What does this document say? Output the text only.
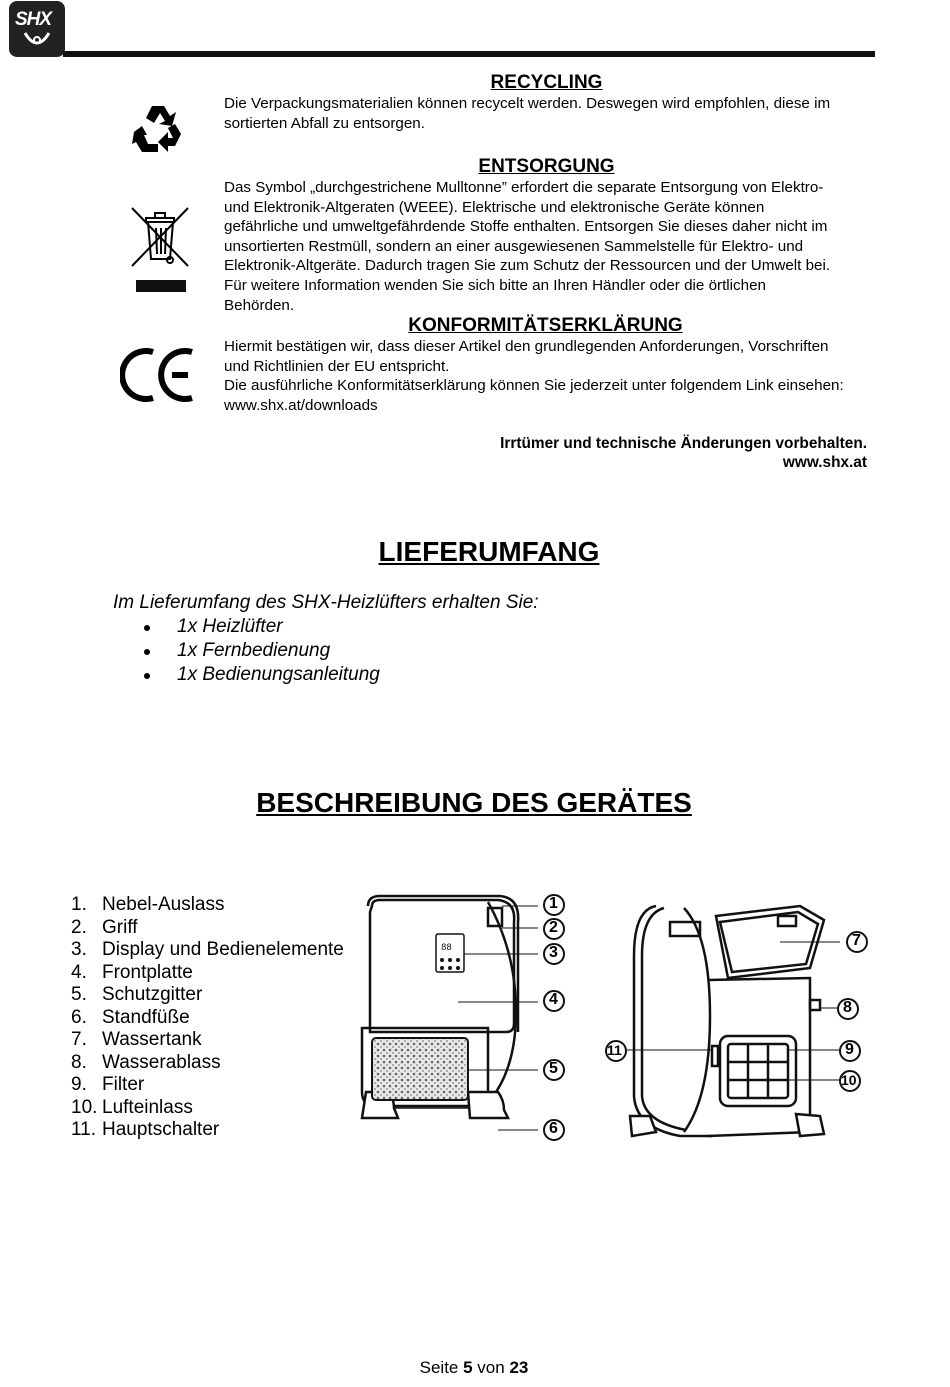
SHX
RECYCLING

Die Verpackungsmaterialien können recycelt werden. Deswegen wird empfohlen, diese im

sortierten Abfall zu entsorgen.

ENTSORGUNG

Das Symbol „durchgestrichene Mulltonne” erfordert die separate Entsorgung von Elektro-

und Elektronik-Altgeraten (WEEE). Elektrische und elektronische Geräte können

gefährliche und umweltgefährdende Stoffe enthalten. Entsorgen Sie dieses daher nicht im

unsortierten Restmüll, sondern an einer ausgewiesenen Sammelstelle für Elektro- und

Elektronik-Altgeräte. Dadurch tragen Sie zum Schutz der Ressourcen und der Umwelt bei.

Für weitere Information wenden Sie sich bitte an Ihren Händler oder die örtlichen

Behörden.

KONFORMITÄTSERKLÄRUNG

Hiermit bestätigen wir, dass dieser Artikel den grundlegenden Anforderungen, Vorschriften

und Richtlinien der EU entspricht.

Die ausführliche Konformitätserklärung können Sie jederzeit unter folgendem Link einsehen:

www.shx.at/downloads

Irrtümer und technische Änderungen vorbehalten.
www.shx.at
LIEFERUMFANG
Im Lieferumfang des SHX-Heizlüfters erhalten Sie:
1x Heizlüfter
1x Fernbedienung
1x Bedienungsanleitung
BESCHREIBUNG DES GERÄTES
1. Nebel-Auslass
2. Griff
3. Display und Bedienelemente
4. Frontplatte
5. Schutzgitter
6. Standfüße
7. Wassertank
8. Wasserablass
9. Filter
10. Lufteinlass
11. Hauptschalter
88
1
2
3
4
5
6
7
8
9
10
11
Seite 5 von 23
